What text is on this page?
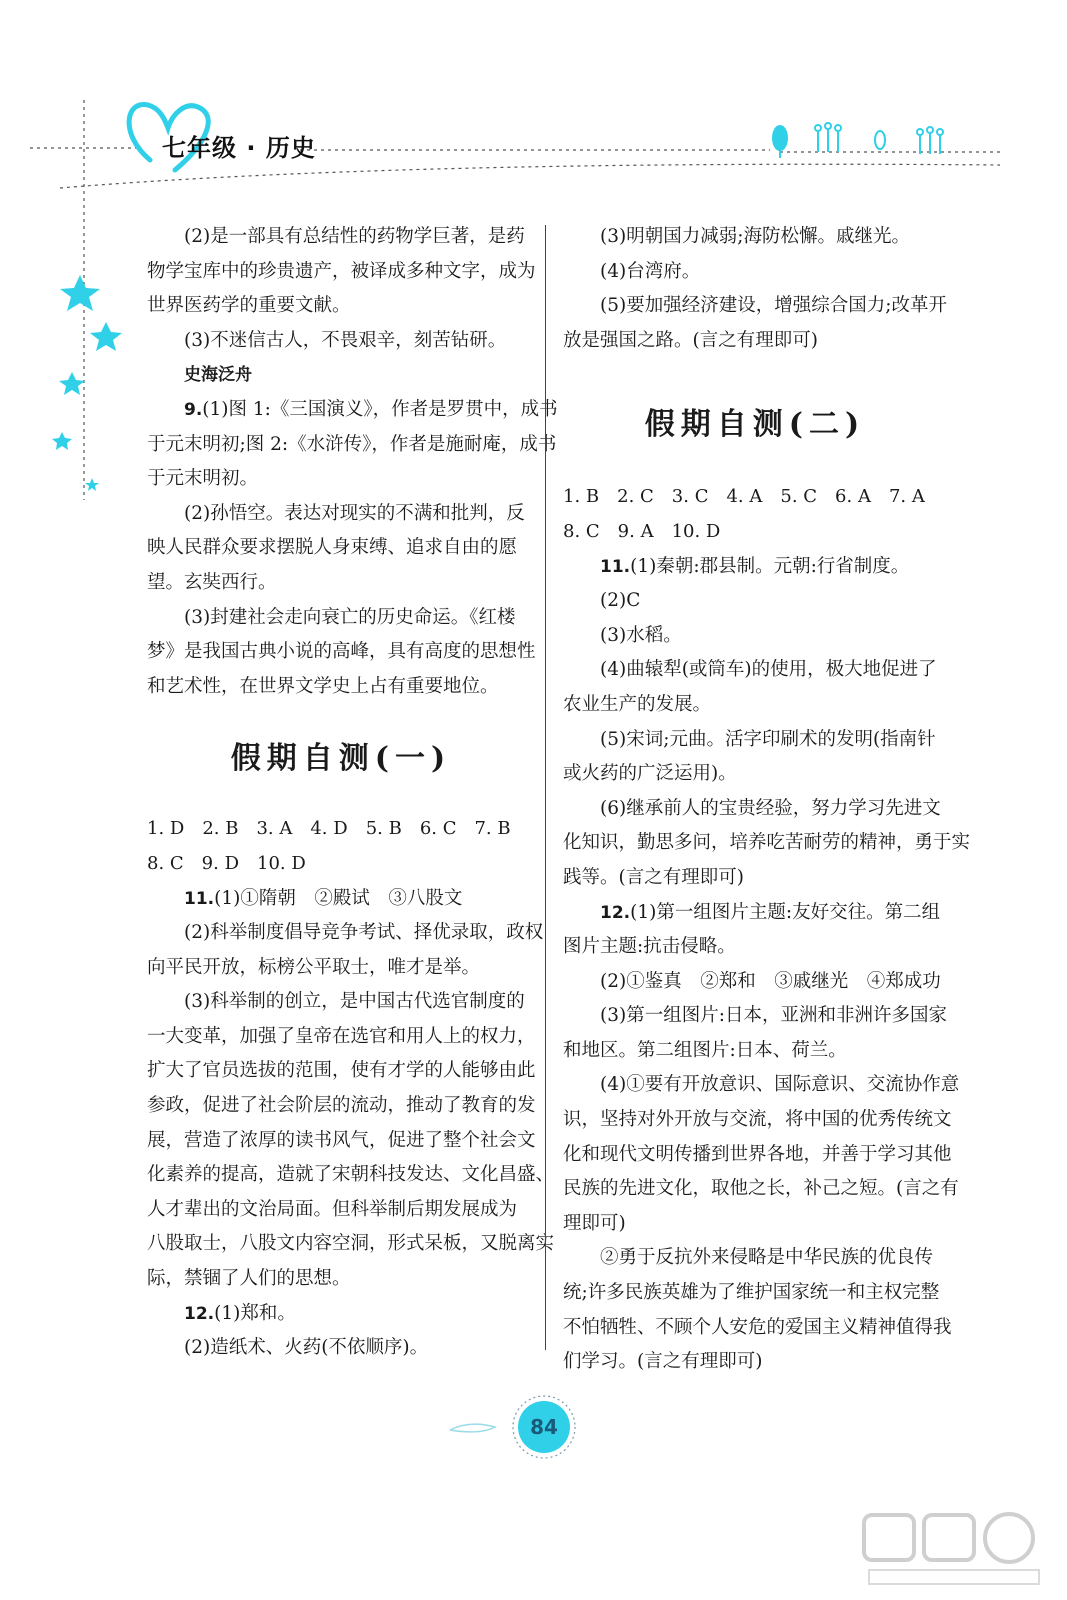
七年级 · 历史

(2)是一部具有总结性的药物学巨著，是药

物学宝库中的珍贵遗产，被译成多种文字，成为

世界医药学的重要文献。

(3)不迷信古人，不畏艰辛，刻苦钻研。

史海泛舟

9.(1)图 1:《三国演义》，作者是罗贯中，成书

于元末明初;图 2:《水浒传》，作者是施耐庵，成书

于元末明初。

(2)孙悟空。表达对现实的不满和批判，反

映人民群众要求摆脱人身束缚、追求自由的愿

望。玄奘西行。

(3)封建社会走向衰亡的历史命运。《红楼

梦》是我国古典小说的高峰，具有高度的思想性

和艺术性，在世界文学史上占有重要地位。

假期自测(一)
1. D 2. B 3. A 4. D 5. B 6. C 7. B
8. C 9. D 10. D

11.(1)①隋朝　②殿试　③八股文

(2)科举制度倡导竞争考试、择优录取，政权

向平民开放，标榜公平取士，唯才是举。

(3)科举制的创立，是中国古代选官制度的

一大变革，加强了皇帝在选官和用人上的权力，

扩大了官员选拔的范围，使有才学的人能够由此

参政，促进了社会阶层的流动，推动了教育的发

展，营造了浓厚的读书风气，促进了整个社会文

化素养的提高，造就了宋朝科技发达、文化昌盛、

人才辈出的文治局面。但科举制后期发展成为

八股取士，八股文内容空洞，形式呆板，又脱离实

际，禁锢了人们的思想。

12.(1)郑和。

(2)造纸术、火药(不依顺序)。

(3)明朝国力减弱;海防松懈。戚继光。

(4)台湾府。

(5)要加强经济建设，增强综合国力;改革开

放是强国之路。(言之有理即可)

假期自测(二)
1. B 2. C 3. C 4. A 5. C 6. A 7. A
8. C 9. A 10. D

11.(1)秦朝:郡县制。元朝:行省制度。

(2)C

(3)水稻。

(4)曲辕犁(或筒车)的使用，极大地促进了

农业生产的发展。

(5)宋词;元曲。活字印刷术的发明(指南针

或火药的广泛运用)。

(6)继承前人的宝贵经验，努力学习先进文

化知识，勤思多问，培养吃苦耐劳的精神，勇于实

践等。(言之有理即可)

12.(1)第一组图片主题:友好交往。第二组

图片主题:抗击侵略。

(2)①鉴真　②郑和　③戚继光　④郑成功

(3)第一组图片:日本，亚洲和非洲许多国家

和地区。第二组图片:日本、荷兰。

(4)①要有开放意识、国际意识、交流协作意

识，坚持对外开放与交流，将中国的优秀传统文

化和现代文明传播到世界各地，并善于学习其他

民族的先进文化，取他之长，补己之短。(言之有

理即可)

②勇于反抗外来侵略是中华民族的优良传

统;许多民族英雄为了维护国家统一和主权完整

不怕牺牲、不顾个人安危的爱国主义精神值得我

们学习。(言之有理即可)

84
